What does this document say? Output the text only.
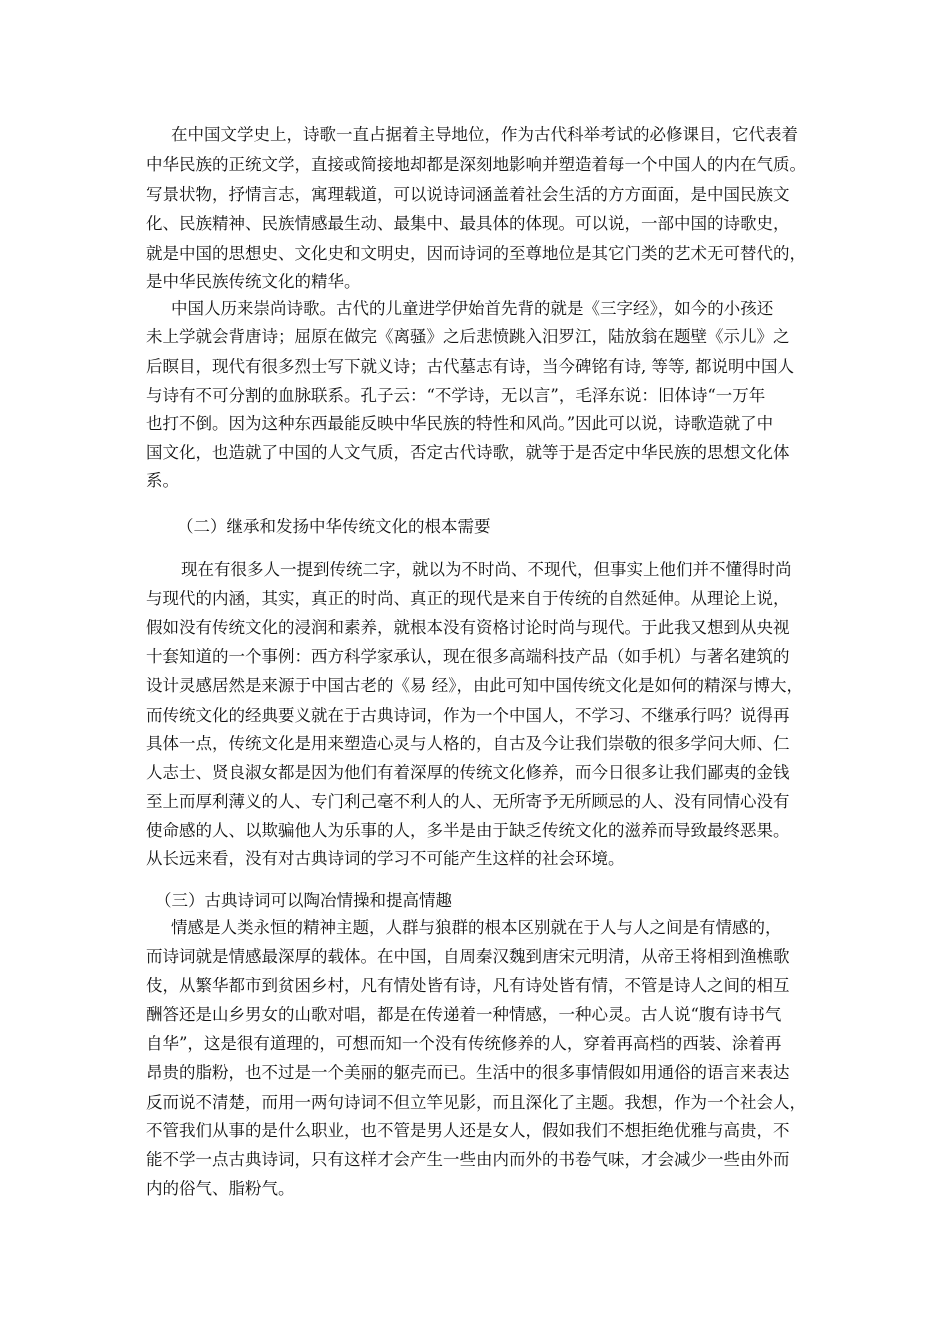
在中国文学史上，诗歌一直占据着主导地位，作为古代科举考试的必修课目，它代表着
中华民族的正统文学，直接或简接地却都是深刻地影响并塑造着每一个中国人的内在气质。
写景状物，抒情言志，寓理载道，可以说诗词涵盖着社会生活的方方面面，是中国民族文
化、民族精神、民族情感最生动、最集中、最具体的体现。可以说，一部中国的诗歌史，
就是中国的思想史、文化史和文明史，因而诗词的至尊地位是其它门类的艺术无可替代的，
是中华民族传统文化的精华。
中国人历来崇尚诗歌。古代的儿童进学伊始首先背的就是《三字经》，如今的小孩还
未上学就会背唐诗；屈原在做完《离骚》之后悲愤跳入汨罗江，陆放翁在题壁《示儿》之
后瞑目，现代有很多烈士写下就义诗；古代墓志有诗，当今碑铭有诗, 等等, 都说明中国人
与诗有不可分割的血脉联系。孔子云：“不学诗，无以言”，毛泽东说：旧体诗“一万年
也打不倒。因为这种东西最能反映中华民族的特性和风尚。”因此可以说，诗歌造就了中
国文化，也造就了中国的人文气质，否定古代诗歌，就等于是否定中华民族的思想文化体
系。
（二）继承和发扬中华传统文化的根本需要
现在有很多人一提到传统二字，就以为不时尚、不现代，但事实上他们并不懂得时尚
与现代的内涵，其实，真正的时尚、真正的现代是来自于传统的自然延伸。从理论上说，
假如没有传统文化的浸润和素养，就根本没有资格讨论时尚与现代。于此我又想到从央视
十套知道的一个事例：西方科学家承认，现在很多高端科技产品（如手机）与著名建筑的
设计灵感居然是来源于中国古老的《易 经》，由此可知中国传统文化是如何的精深与博大，
而传统文化的经典要义就在于古典诗词，作为一个中国人，不学习、不继承行吗？说得再
具体一点，传统文化是用来塑造心灵与人格的，自古及今让我们崇敬的很多学问大师、仁
人志士、贤良淑女都是因为他们有着深厚的传统文化修养，而今日很多让我们鄙夷的金钱
至上而厚利薄义的人、专门利己毫不利人的人、无所寄予无所顾忌的人、没有同情心没有
使命感的人、以欺骗他人为乐事的人，多半是由于缺乏传统文化的滋养而导致最终恶果。
从长远来看，没有对古典诗词的学习不可能产生这样的社会环境。
（三）古典诗词可以陶冶情操和提高情趣
情感是人类永恒的精神主题，人群与狼群的根本区别就在于人与人之间是有情感的，
而诗词就是情感最深厚的载体。在中国，自周秦汉魏到唐宋元明清，从帝王将相到渔樵歌
伎，从繁华都市到贫困乡村，凡有情处皆有诗，凡有诗处皆有情，不管是诗人之间的相互
酬答还是山乡男女的山歌对唱，都是在传递着一种情感，一种心灵。古人说“腹有诗书气
自华”，这是很有道理的，可想而知一个没有传统修养的人，穿着再高档的西装、涂着再
昂贵的脂粉，也不过是一个美丽的躯壳而已。生活中的很多事情假如用通俗的语言来表达
反而说不清楚，而用一两句诗词不但立竿见影，而且深化了主题。我想，作为一个社会人，
不管我们从事的是什么职业，也不管是男人还是女人，假如我们不想拒绝优雅与高贵，不
能不学一点古典诗词，只有这样才会产生一些由内而外的书卷气味，才会减少一些由外而
内的俗气、脂粉气。
